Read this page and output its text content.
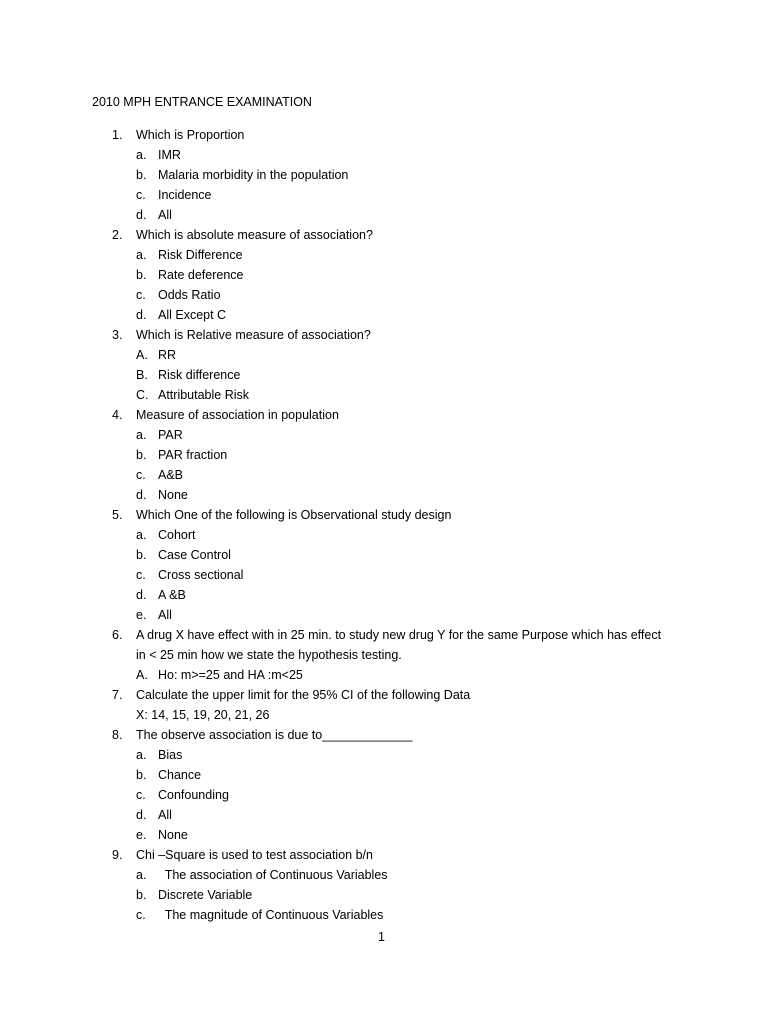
2010 MPH ENTRANCE EXAMINATION
1. Which is Proportion
a. IMR
b. Malaria morbidity in the population
c. Incidence
d. All
2. Which is absolute measure of association?
a. Risk Difference
b. Rate deference
c. Odds Ratio
d. All Except C
3. Which is Relative measure of association?
A. RR
B. Risk difference
C. Attributable Risk
4. Measure of association in population
a. PAR
b. PAR fraction
c. A&B
d. None
5. Which One of the following is Observational study design
a. Cohort
b. Case Control
c. Cross sectional
d. A &B
e. All
6. A drug X have effect with in 25 min. to study new drug Y for the same Purpose which has effect
in < 25 min how we state the hypothesis testing.
A. Ho: m>=25 and HA :m<25
7. Calculate the upper limit for the 95% CI of the following Data
X: 14, 15, 19, 20, 21, 26
8. The observe association is due to_____________
a. Bias
b. Chance
c. Confounding
d. All
e. None
9. Chi –Square is used to test association b/n
a. The association of Continuous Variables
b. Discrete Variable
c. The magnitude of Continuous Variables
1
